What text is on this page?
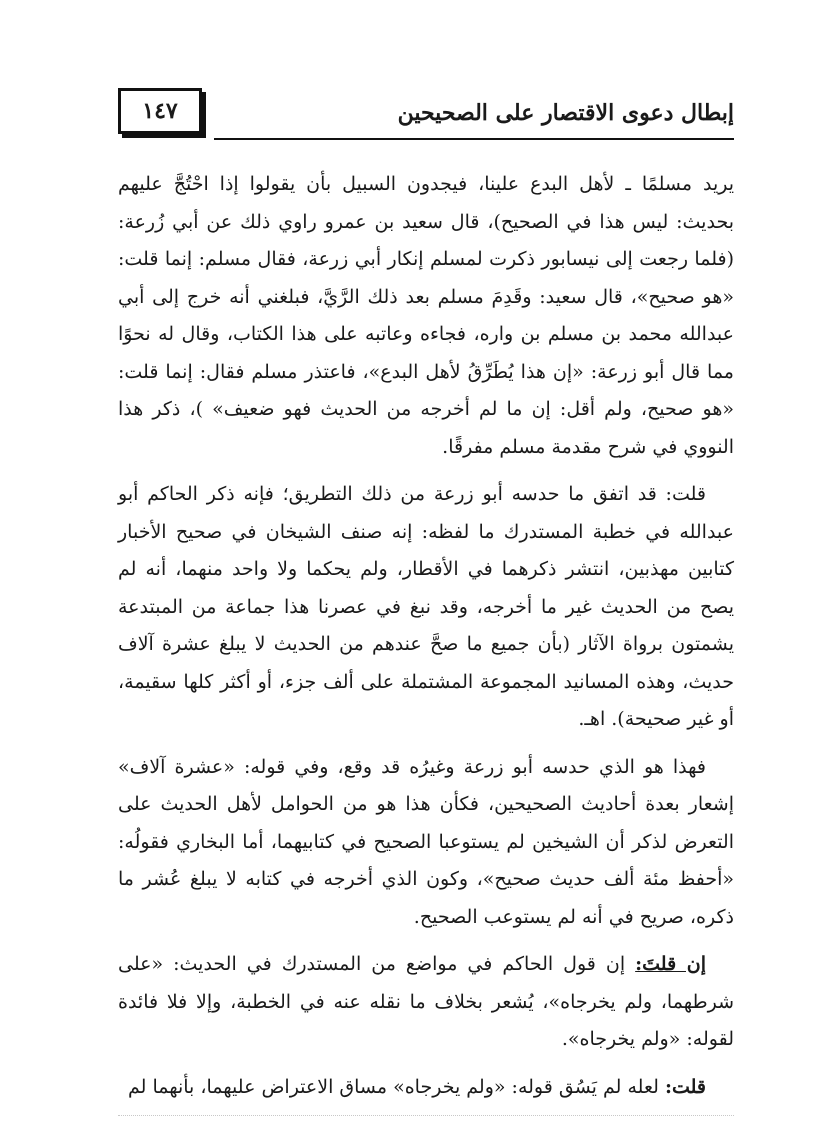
١٤٧	إبطال دعوى الاقتصار على الصحيحين

يريد مسلمًا ـ لأهل البدع علينا، فيجدون السبيل بأن يقولوا إذا احْتُجَّ عليهم بحديث: ليس هذا في الصحيح)، قال سعيد بن عمرو راوي ذلك عن أبي زُرعة: (فلما رجعت إلى نيسابور ذكرت لمسلم إنكار أبي زرعة، فقال مسلم: إنما قلت: «هو صحيح»، قال سعيد: وقَدِمَ مسلم بعد ذلك الرَّيَّ، فبلغني أنه خرج إلى أبي عبدالله محمد بن مسلم بن واره، فجاءه وعاتبه على هذا الكتاب، وقال له نحوًا مما قال أبو زرعة: «إن هذا يُطَرِّقُ لأهل البدع»، فاعتذر مسلم فقال: إنما قلت: «هو صحيح، ولم أقل: إن ما لم أخرجه من الحديث فهو ضعيف» )، ذكر هذا النووي في شرح مقدمة مسلم مفرقًا.

قلت: قد اتفق ما حدسه أبو زرعة من ذلك التطريق؛ فإنه ذكر الحاكم أبو عبدالله في خطبة المستدرك ما لفظه: إنه صنف الشيخان في صحيح الأخبار كتابين مهذبين، انتشر ذكرهما في الأقطار، ولم يحكما ولا واحد منهما، أنه لم يصح من الحديث غير ما أخرجه، وقد نبغ في عصرنا هذا جماعة من المبتدعة يشمتون برواة الآثار (بأن جميع ما صحَّ عندهم من الحديث لا يبلغ عشرة آلاف حديث، وهذه المسانيد المجموعة المشتملة على ألف جزء، أو أكثر كلها سقيمة، أو غير صحيحة). اهـ.

فهذا هو الذي حدسه أبو زرعة وغيرُه قد وقع، وفي قوله: «عشرة آلاف» إشعار بعدة أحاديث الصحيحين، فكأن هذا هو من الحوامل لأهل الحديث على التعرض لذكر أن الشيخين لم يستوعبا الصحيح في كتابيهما، أما البخاري فقولُه: «أحفظ مئة ألف حديث صحيح»، وكون الذي أخرجه في كتابه لا يبلغ عُشر ما ذكره، صريح في أنه لم يستوعب الصحيح.

إن قلتَ: إن قول الحاكم في مواضع من المستدرك في الحديث: «على شرطهما، ولم يخرجاه»، يُشعر بخلاف ما نقله عنه في الخطبة، وإلا فلا فائدة لقوله: «ولم يخرجاه».

قلت: لعله لم يَسُق قوله: «ولم يخرجاه» مساق الاعتراض عليهما، بأنهما لم
